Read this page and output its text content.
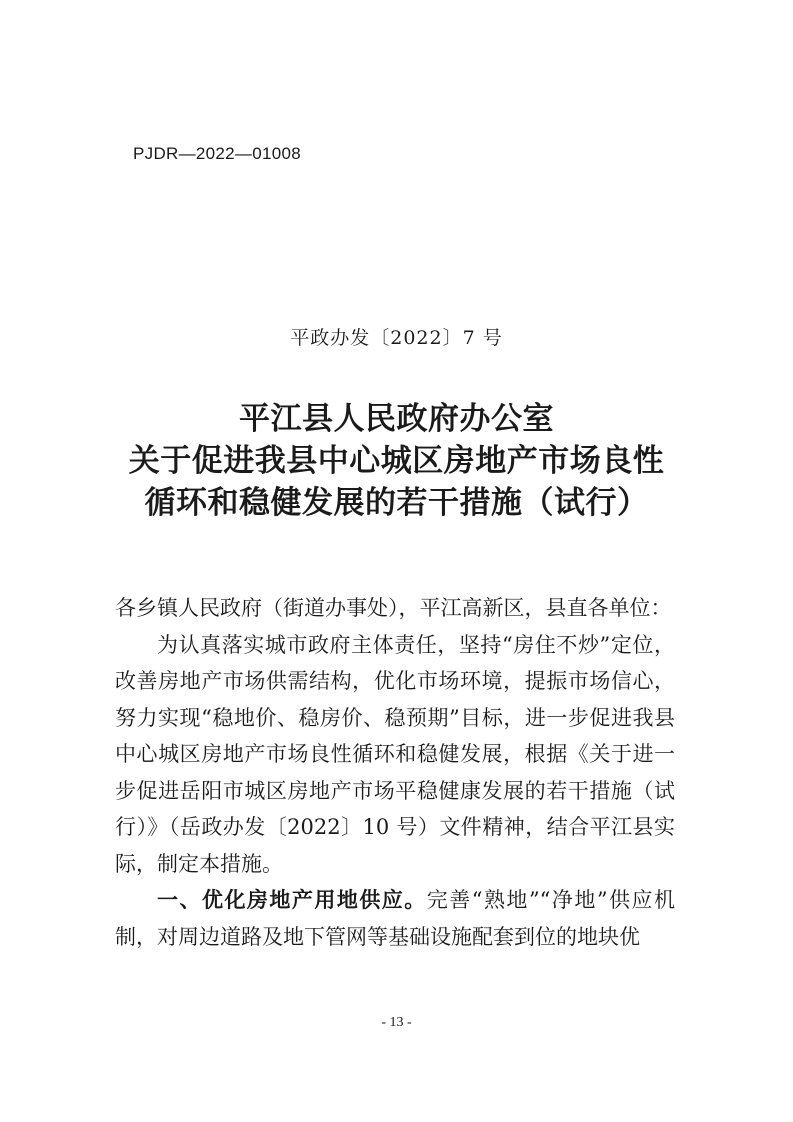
PJDR—2022—01008
平政办发〔2022〕7 号
平江县人民政府办公室
关于促进我县中心城区房地产市场良性
循环和稳健发展的若干措施（试行）

各乡镇人民政府（街道办事处），平江高新区，县直各单位：

为认真落实城市政府主体责任，坚持“房住不炒”定位，改善房地产市场供需结构，优化市场环境，提振市场信心，努力实现“稳地价、稳房价、稳预期”目标，进一步促进我县中心城区房地产市场良性循环和稳健发展，根据《关于进一步促进岳阳市城区房地产市场平稳健康发展的若干措施（试行）》（岳政办发〔2022〕10 号）文件精神，结合平江县实际，制定本措施。

一、优化房地产用地供应。完善“熟地”“净地”供应机制，对周边道路及地下管网等基础设施配套到位的地块优

- 13 -
